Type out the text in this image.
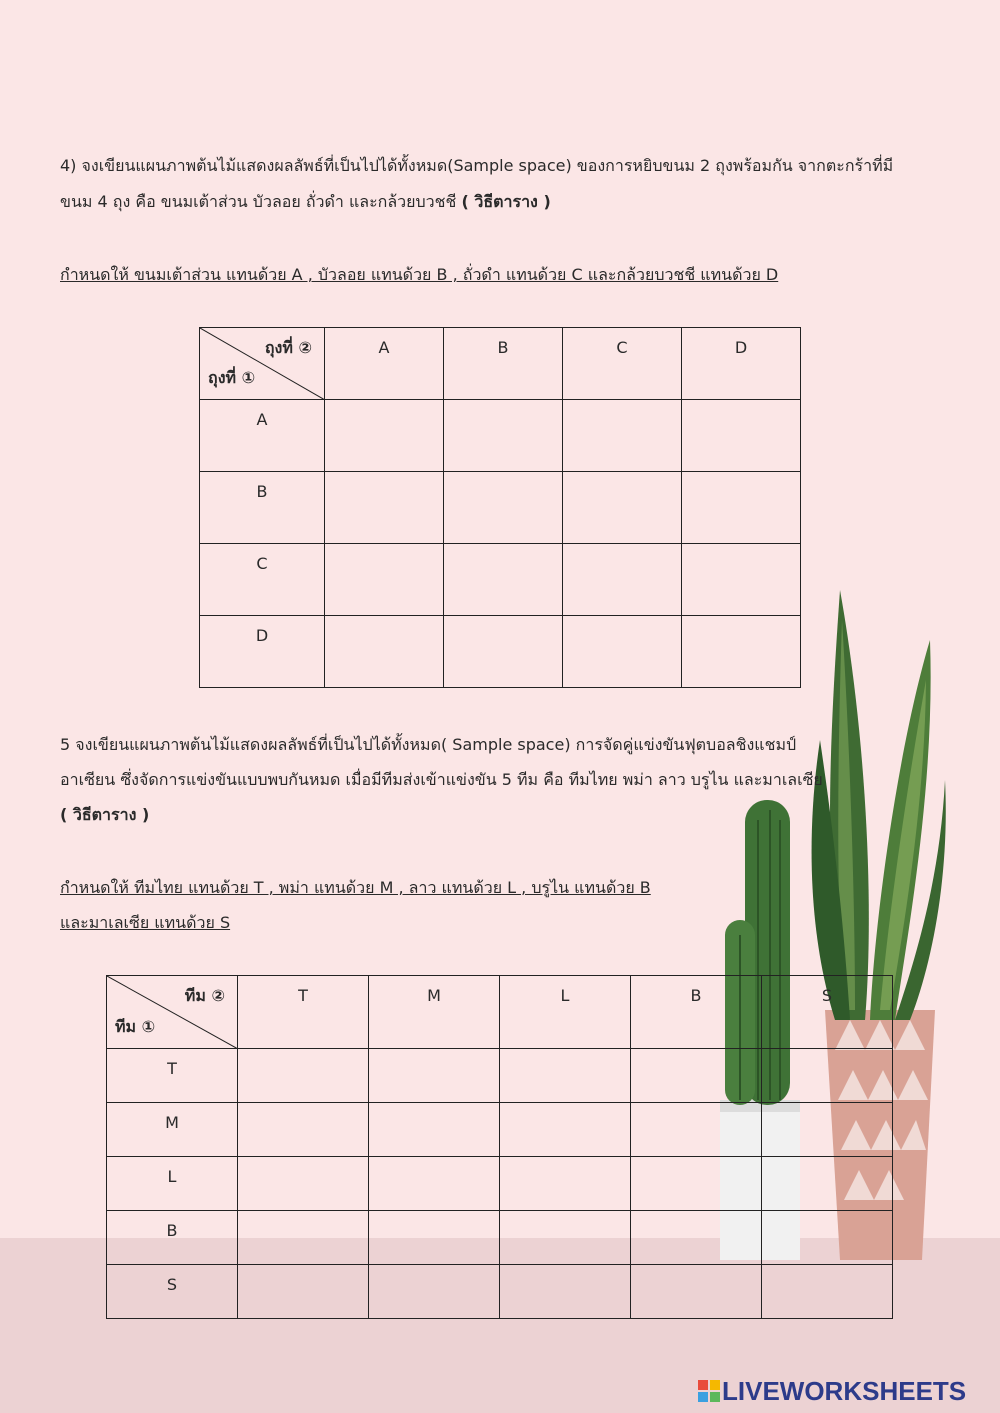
4) จงเขียนแผนภาพต้นไม้แสดงผลลัพธ์ที่เป็นไปได้ทั้งหมด(Sample space) ของการหยิบขนม 2 ถุงพร้อมกัน จากตะกร้าที่มี
ขนม 4 ถุง คือ ขนมเต้าส่วน บัวลอย ถั่วดำ และกล้วยบวชชี ( วิธีตาราง )
กำหนดให้ ขนมเต้าส่วน แทนด้วย A , บัวลอย แทนด้วย B , ถั่วดำ แทนด้วย C และกล้วยบวชชี แทนด้วย D
ถุงที่ ②
ถุงที่ ①	A	B	C	D
A				
B				
C				
D				
5 จงเขียนแผนภาพต้นไม้แสดงผลลัพธ์ที่เป็นไปได้ทั้งหมด( Sample space) การจัดคู่แข่งขันฟุตบอลชิงแชมป์
อาเซียน ซึ่งจัดการแข่งขันแบบพบกันหมด เมื่อมีทีมส่งเข้าแข่งขัน 5 ทีม คือ ทีมไทย พม่า ลาว บรูไน และมาเลเซีย
( วิธีตาราง )
กำหนดให้ ทีมไทย แทนด้วย T , พม่า แทนด้วย M , ลาว แทนด้วย L , บรูไน แทนด้วย B
และมาเลเซีย แทนด้วย S
ทีม ②
ทีม ①	T	M	L	B	S
T					
M					
L					
B					
S					
LIVEWORKSHEETS
